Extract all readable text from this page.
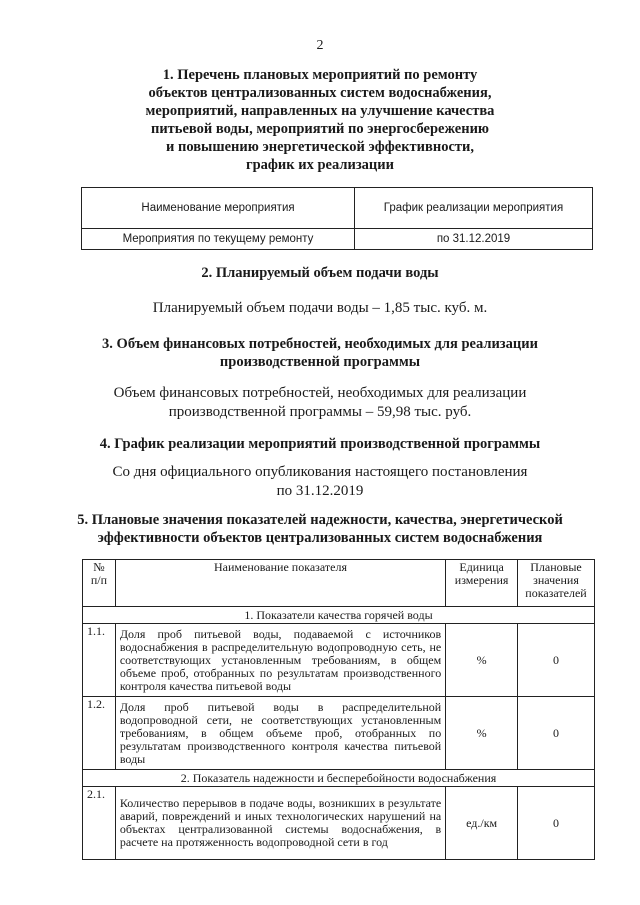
2
1. Перечень плановых мероприятий по ремонту
объектов централизованных систем водоснабжения,
мероприятий, направленных на улучшение качества
питьевой воды, мероприятий по энергосбережению
и повышению энергетической эффективности,
график их реализации
Наименование мероприятия	График реализации мероприятия
Мероприятия по текущему ремонту	по 31.12.2019
2. Планируемый объем подачи воды
Планируемый объем подачи воды – 1,85 тыс. куб. м.
3. Объем финансовых потребностей, необходимых для реализации
производственной программы
Объем финансовых потребностей, необходимых для реализации
производственной программы – 59,98 тыс. руб.
4. График реализации мероприятий производственной программы
Со дня официального опубликования настоящего постановления
по 31.12.2019
5. Плановые значения показателей надежности, качества, энергетической
эффективности объектов централизованных систем водоснабжения
№ п/п	Наименование показателя	Единица измерения	Плановые значения показателей
1. Показатели качества горячей воды			
1.1.	Доля проб питьевой воды, подаваемой с источников водоснабжения в распределительную водопроводную сеть, не соответствующих установленным требованиям, в общем объеме проб, отобранных по результатам производственного контроля качества питьевой воды	%	0
1.2.	Доля проб питьевой воды в распределительной водопроводной сети, не соответствующих установленным требованиям, в общем объеме проб, отобранных по результатам производственного контроля качества питьевой воды	%	0
2. Показатель надежности и бесперебойности водоснабжения			
2.1.	Количество перерывов в подаче воды, возникших в результате аварий, повреждений и иных технологических нарушений на объектах централизованной системы водоснабжения, в расчете на протяженность водопроводной сети в год	ед./км	0
